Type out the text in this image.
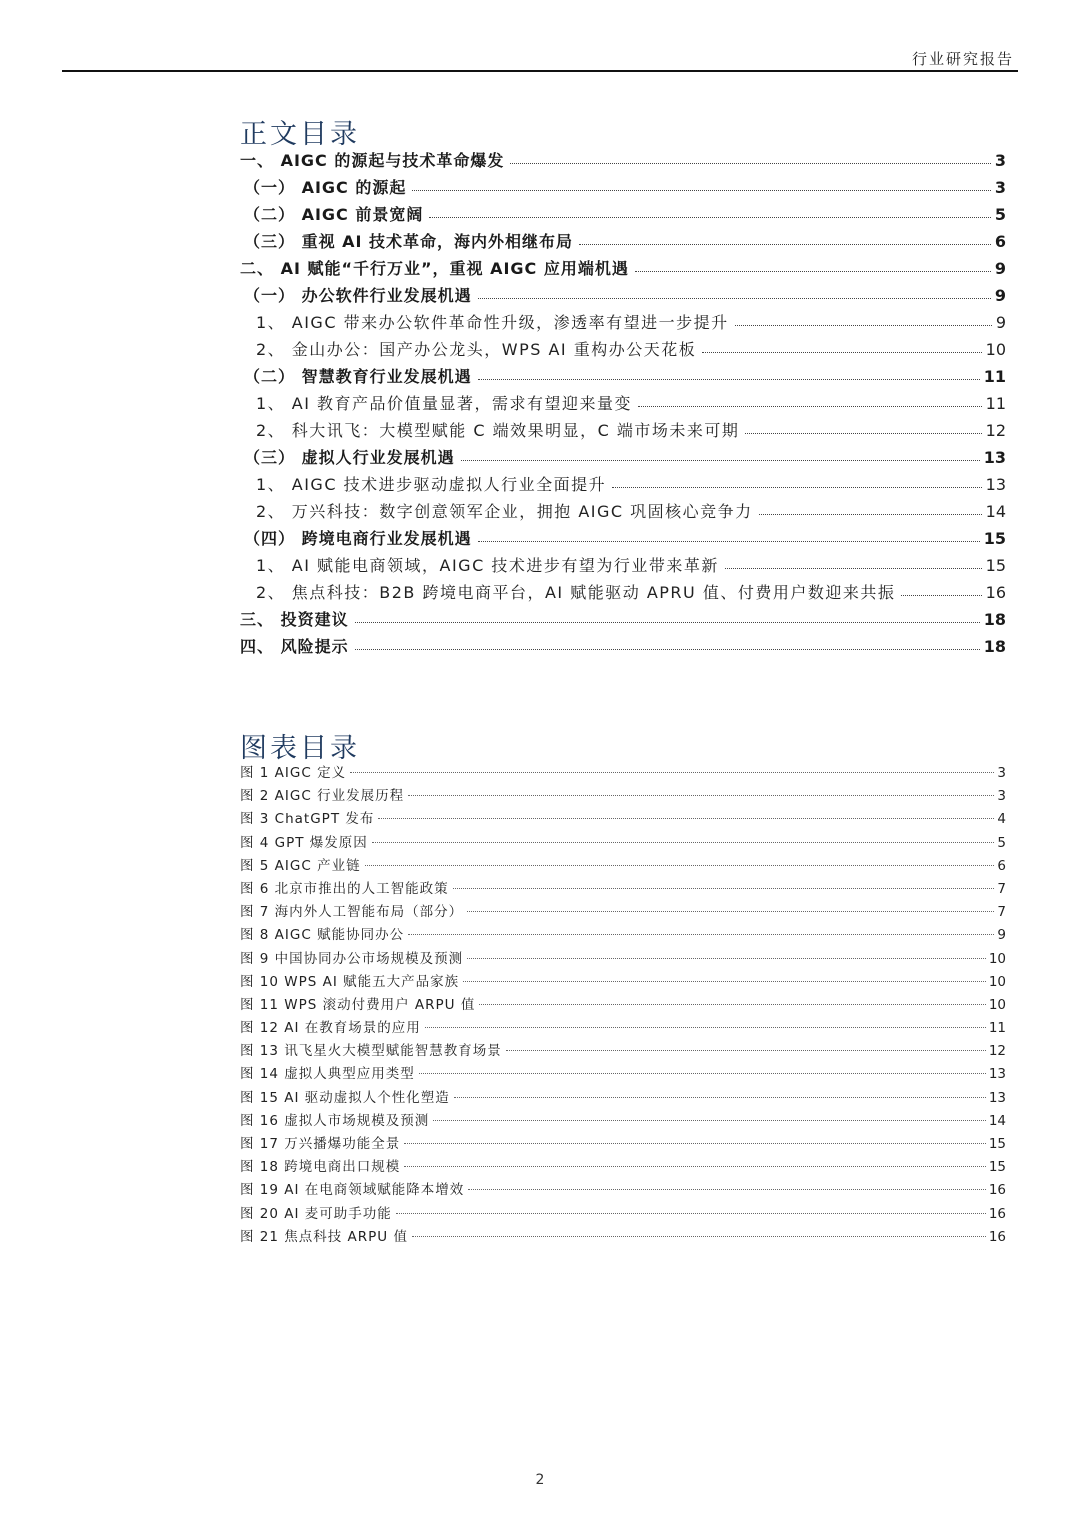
行业研究报告
正文目录
一、 AIGC 的源起与技术革命爆发	3
（一） AIGC 的源起	3
（二） AIGC 前景宽阔	5
（三） 重视 AI 技术革命，海内外相继布局	6
二、 AI 赋能“千行万业”，重视 AIGC 应用端机遇	9
（一） 办公软件行业发展机遇	9
1、 AIGC 带来办公软件革命性升级，渗透率有望进一步提升	9
2、 金山办公：国产办公龙头，WPS AI 重构办公天花板	10
（二） 智慧教育行业发展机遇	11
1、 AI 教育产品价值量显著，需求有望迎来量变	11
2、 科大讯飞：大模型赋能 C 端效果明显，C 端市场未来可期	12
（三） 虚拟人行业发展机遇	13
1、 AIGC 技术进步驱动虚拟人行业全面提升	13
2、 万兴科技：数字创意领军企业，拥抱 AIGC 巩固核心竞争力	14
（四） 跨境电商行业发展机遇	15
1、 AI 赋能电商领域，AIGC 技术进步有望为行业带来革新	15
2、 焦点科技：B2B 跨境电商平台，AI 赋能驱动 APRU 值、付费用户数迎来共振	16
三、 投资建议	18
四、 风险提示	18
图表目录
图 1 AIGC 定义	3
图 2 AIGC 行业发展历程	3
图 3 ChatGPT 发布	4
图 4 GPT 爆发原因	5
图 5 AIGC 产业链	6
图 6 北京市推出的人工智能政策	7
图 7 海内外人工智能布局（部分）	7
图 8 AIGC 赋能协同办公	9
图 9 中国协同办公市场规模及预测	10
图 10 WPS AI 赋能五大产品家族	10
图 11 WPS 滚动付费用户 ARPU 值	10
图 12 AI 在教育场景的应用	11
图 13 讯飞星火大模型赋能智慧教育场景	12
图 14 虚拟人典型应用类型	13
图 15 AI 驱动虚拟人个性化塑造	13
图 16 虚拟人市场规模及预测	14
图 17 万兴播爆功能全景	15
图 18 跨境电商出口规模	15
图 19 AI 在电商领域赋能降本增效	16
图 20 AI 麦可助手功能	16
图 21 焦点科技 ARPU 值	16
2
